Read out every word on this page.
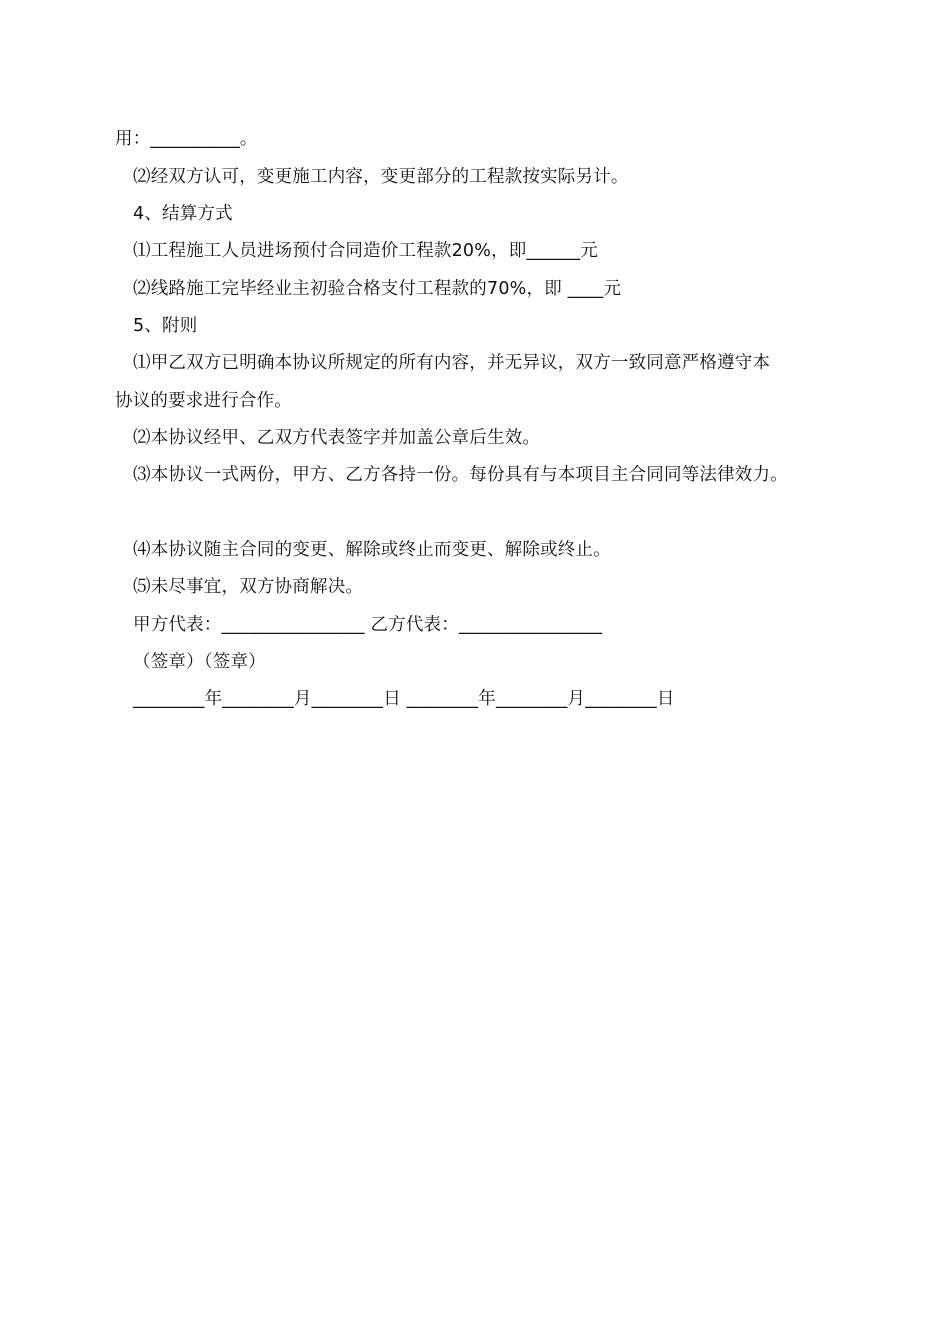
用：__________。

⑵经双方认可，变更施工内容，变更部分的工程款按实际另计。

4、结算方式

⑴工程施工人员进场预付合同造价工程款20%，即______元

⑵线路施工完毕经业主初验合格支付工程款的70%，即 ____元

5、附则

⑴甲乙双方已明确本协议所规定的所有内容，并无异议，双方一致同意严格遵守本

协议的要求进行合作。

⑵本协议经甲、乙双方代表签字并加盖公章后生效。

⑶本协议一式两份，甲方、乙方各持一份。每份具有与本项目主合同同等法律效力。

⑷本协议随主合同的变更、解除或终止而变更、解除或终止。

⑸未尽事宜，双方协商解决。

甲方代表：________________ 乙方代表：________________

（签章）（签章）

________年________月________日 ________年________月________日
